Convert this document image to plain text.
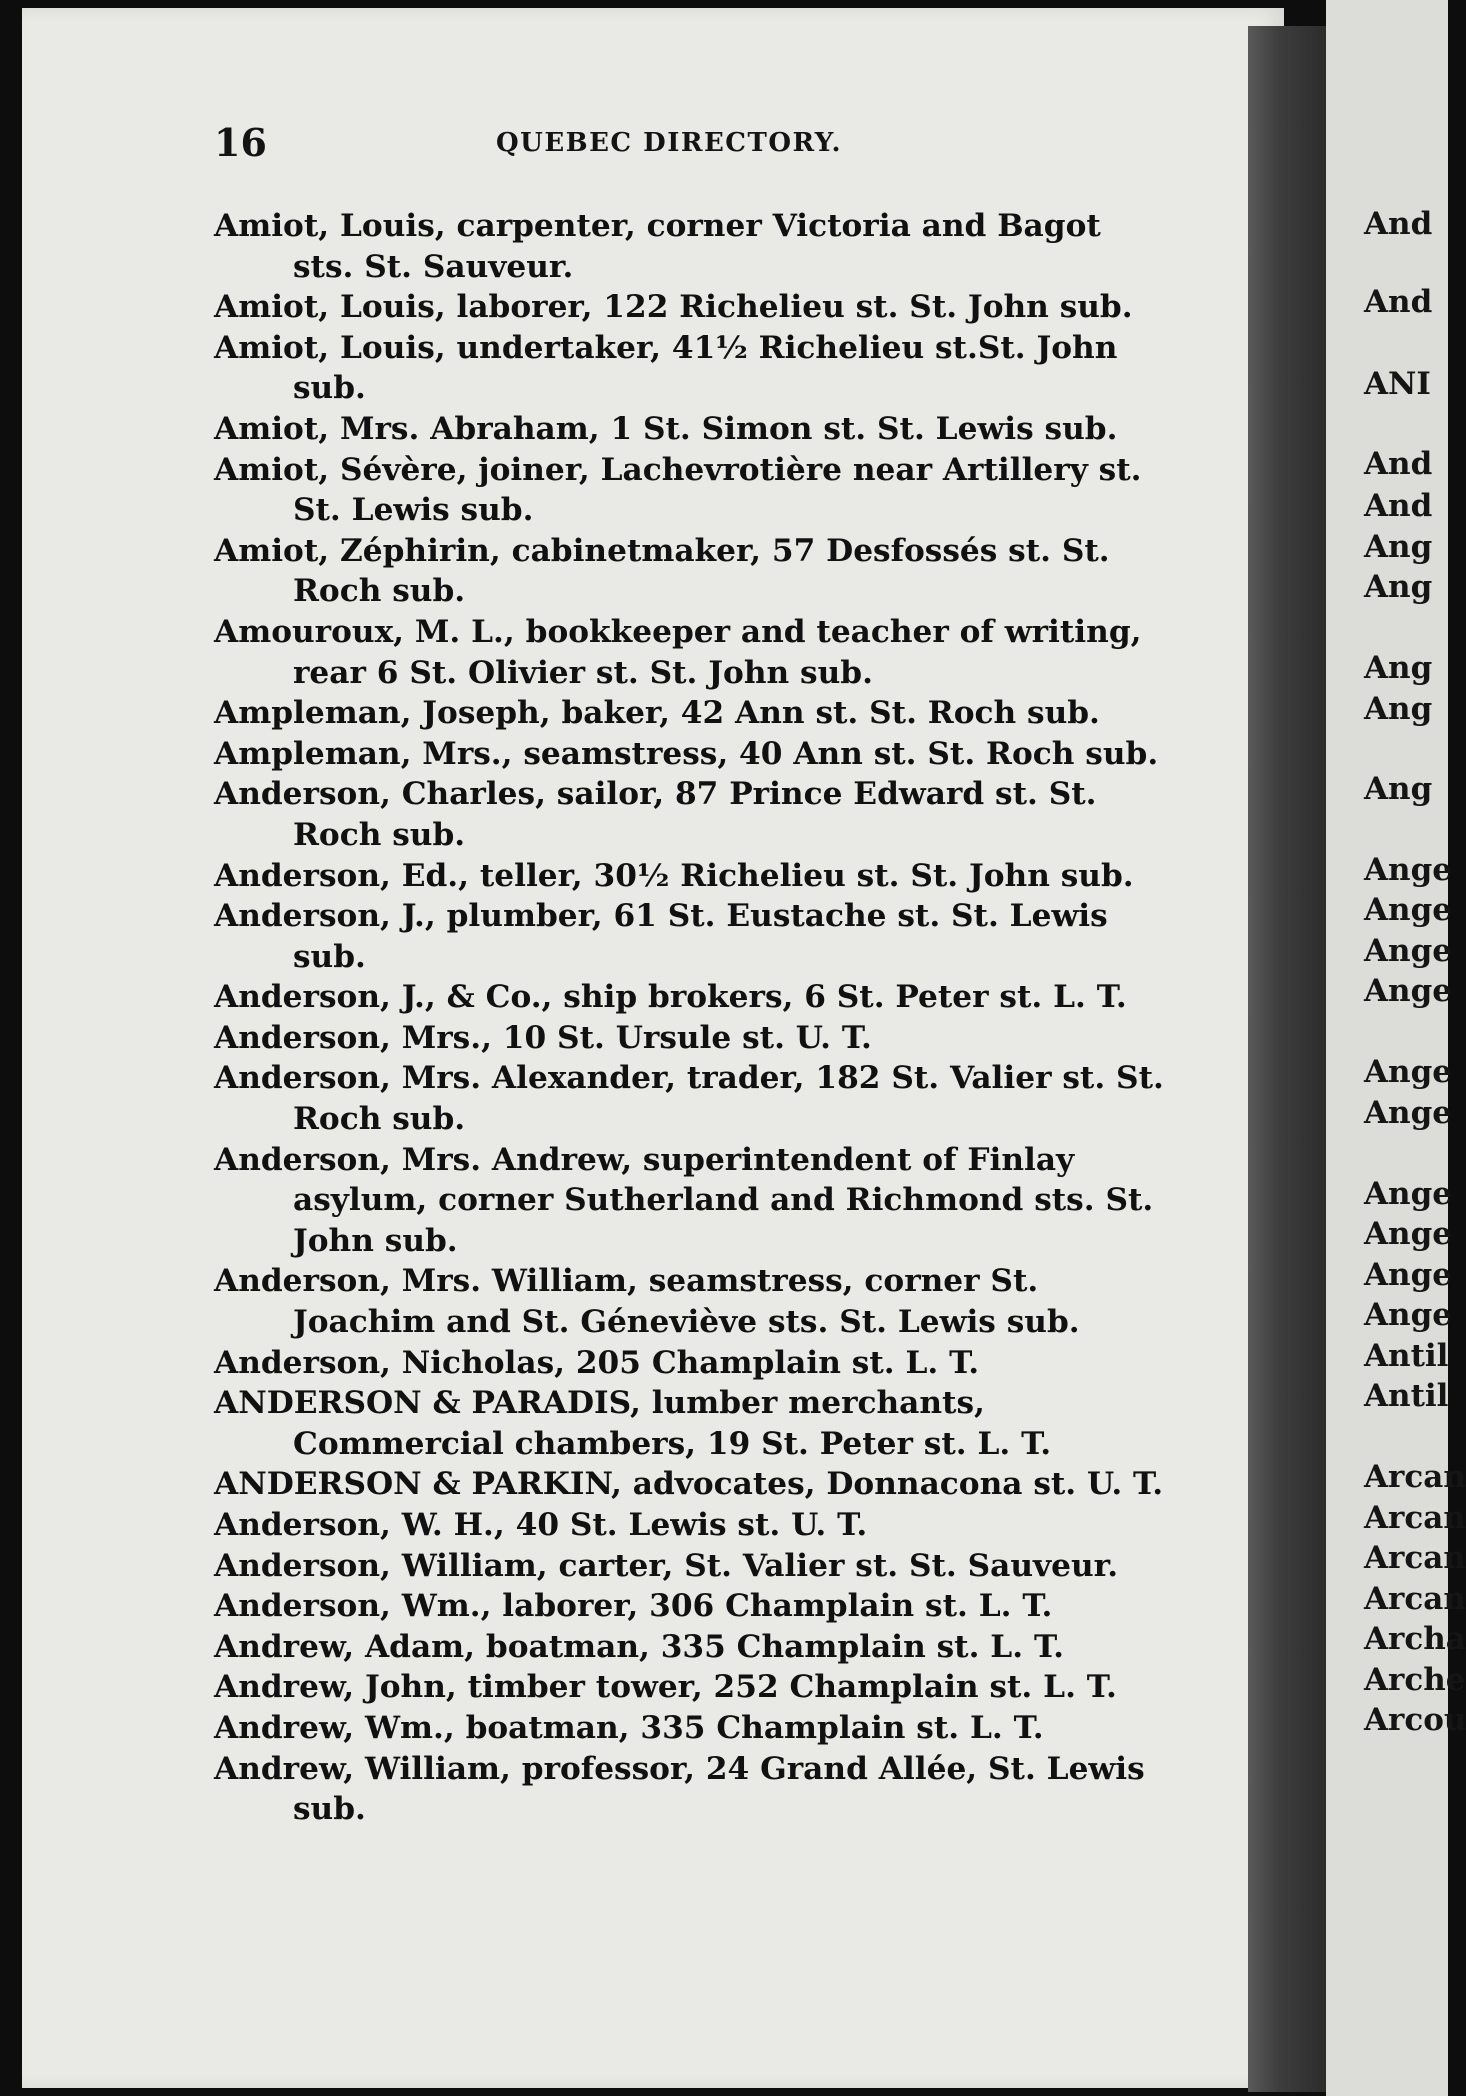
And
And
ANI
And
And
Ang
Ang
Ang
Ang
Ang
Ange
Ange
Ange
Ange
Ange
Ange
Ange
Ange
Ange
Ange
Antil
Antil
Arcan
Arcan
Arcan
Arcan
Archa
Arche
Arcou
16	QUEBEC DIRECTORY.
Amiot, Louis, carpenter, corner Victoria and Bagot sts. St. Sauveur.
Amiot, Louis, laborer, 122 Richelieu st. St. John sub.
Amiot, Louis, undertaker, 41½ Richelieu st.St. John sub.
Amiot, Mrs. Abraham, 1 St. Simon st. St. Lewis sub.
Amiot, Sévère, joiner, Lachevrotière near Artillery st. St. Lewis sub.
Amiot, Zéphirin, cabinetmaker, 57 Desfossés st. St. Roch sub.
Amouroux, M. L., bookkeeper and teacher of writing, rear 6 St. Olivier st. St. John sub.
Ampleman, Joseph, baker, 42 Ann st. St. Roch sub.
Ampleman, Mrs., seamstress, 40 Ann st. St. Roch sub.
Anderson, Charles, sailor, 87 Prince Edward st. St. Roch sub.
Anderson, Ed., teller, 30½ Richelieu st. St. John sub.
Anderson, J., plumber, 61 St. Eustache st. St. Lewis sub.
Anderson, J., & Co., ship brokers, 6 St. Peter st. L. T.
Anderson, Mrs., 10 St. Ursule st. U. T.
Anderson, Mrs. Alexander, trader, 182 St. Valier st. St. Roch sub.
Anderson, Mrs. Andrew, superintendent of Finlay asylum, corner Sutherland and Richmond sts. St. John sub.
Anderson, Mrs. William, seamstress, corner St. Joachim and St. Géneviève sts. St. Lewis sub.
Anderson, Nicholas, 205 Champlain st. L. T.
ANDERSON & PARADIS, lumber merchants, Commercial chambers, 19 St. Peter st. L. T.
ANDERSON & PARKIN, advocates, Donnacona st. U. T.
Anderson, W. H., 40 St. Lewis st. U. T.
Anderson, William, carter, St. Valier st. St. Sauveur.
Anderson, Wm., laborer, 306 Champlain st. L. T.
Andrew, Adam, boatman, 335 Champlain st. L. T.
Andrew, John, timber tower, 252 Champlain st. L. T.
Andrew, Wm., boatman, 335 Champlain st. L. T.
Andrew, William, professor, 24 Grand Allée, St. Lewis sub.
